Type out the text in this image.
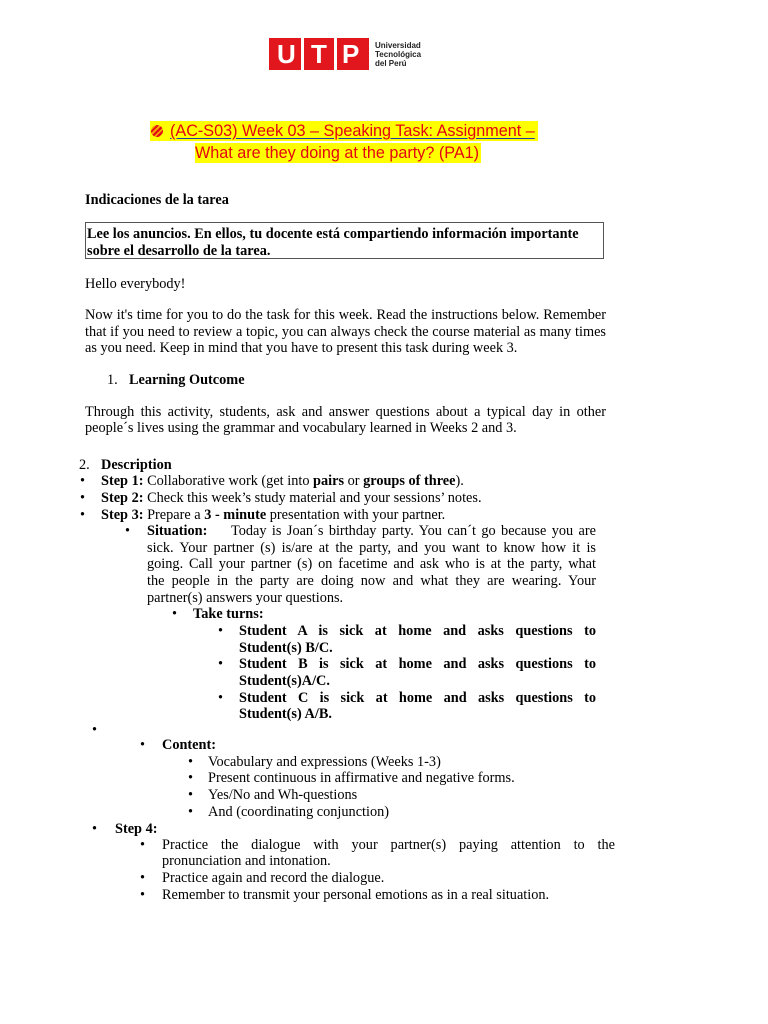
U T P Universidad
Tecnológica
del Perú
(AC-S03) Week 03 – Speaking Task: Assignment –
What are they doing at the party? (PA1)
Indicaciones de la tarea
Lee los anuncios. En ellos, tu docente está compartiendo información importante
sobre el desarrollo de la tarea.
Hello everybody!
Now it's time for you to do the task for this week. Read the instructions below. Remember
that if you need to review a topic, you can always check the course material as many times
as you need. Keep in mind that you have to present this task during week 3.
1. Learning Outcome
Through this activity, students, ask and answer questions about a typical day in other
people´s lives using the grammar and vocabulary learned in Weeks 2 and 3.
2. Description
• Step 1: Collaborative work (get into pairs or groups of three).
• Step 2: Check this week’s study material and your sessions’ notes.
• Step 3: Prepare a 3 - minute presentation with your partner.
• Situation: Today is Joan´s birthday party. You can´t go because you are
sick. Your partner (s) is/are at the party, and you want to know how it is
going. Call your partner (s) on facetime and ask who is at the party, what
the people in the party are doing now and what they are wearing. Your
partner(s) answers your questions.
• Take turns:
• Student A is sick at home and asks questions to
Student(s) B/C.
• Student B is sick at home and asks questions to
Student(s)A/C.
• Student C is sick at home and asks questions to
Student(s) A/B.
•
• Content:
• Vocabulary and expressions (Weeks 1-3)
• Present continuous in affirmative and negative forms.
• Yes/No and Wh-questions
• And (coordinating conjunction)
• Step 4:
• Practice the dialogue with your partner(s) paying attention to the
pronunciation and intonation.
• Practice again and record the dialogue.
• Remember to transmit your personal emotions as in a real situation.
